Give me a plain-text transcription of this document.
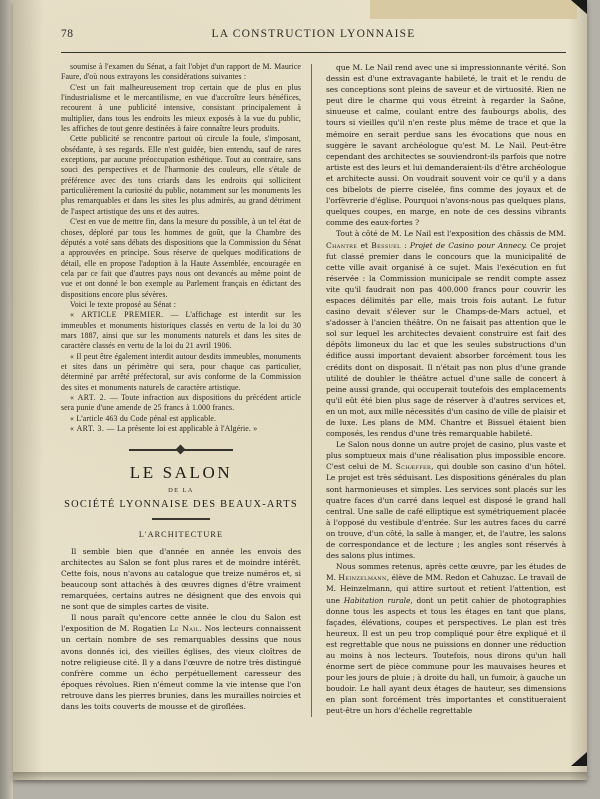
78	LA CONSTRUCTION LYONNAISE

soumise à l'examen du Sénat, a fait l'objet d'un rapport de M. Maurice Faure, d'où nous extrayons les considérations suivantes :

C'est un fait malheureusement trop certain que de plus en plus l'industrialisme et le mercantilisme, en vue d'accroître leurs bénéfices, recourent à une publicité intensive, consistant principalement à multiplier, dans tous les endroits les mieux exposés à la vue du public, les affiches de tout genre destinées à faire connaître leurs produits.

Cette publicité se rencontre partout où circule la foule, s'imposant, obsédante, à ses regards. Elle n'est guidée, bien entendu, sauf de rares exceptions, par aucune préoccupation esthétique. Tout au contraire, sans souci des perspectives et de l'harmonie des couleurs, elle s'étale de préférence avec des tons criards dans les endroits qui sollicitent particulièrement la curiosité du public, notamment sur les monuments les plus remarquables et dans les sites les plus admirés, au grand détriment de l'aspect artistique des uns et des autres.

C'est en vue de mettre fin, dans la mesure du possible, à un tel état de choses, déploré par tous les hommes de goût, que la Chambre des députés a voté sans débats des dispositions que la Commission du Sénat a approuvées en principe. Sous réserve de quelques modifications de détail, elle en propose l'adoption à la Haute Assemblée, encouragée en cela par ce fait que d'autres pays nous ont devancés au même point de vue et ont donné le bon exemple au Parlement français en édictant des dispositions encore plus sévères.

Voici le texte proposé au Sénat :

« ARTICLE PREMIER. — L'affichage est interdit sur les immeubles et monuments historiques classés en vertu de la loi du 30 mars 1887, ainsi que sur les monuments naturels et dans les sites de caractère classés en vertu de la loi du 21 avril 1906.

« Il peut être également interdit autour desdits immeubles, monuments et sites dans un périmètre qui sera, pour chaque cas particulier, déterminé par arrêté préfectoral, sur avis conforme de la Commission des sites et monuments naturels de caractère artistique.

« ART. 2. — Toute infraction aux dispositions du précédent article sera punie d'une amende de 25 francs à 1.000 francs.

« L'article 463 du Code pénal est applicable.

« ART. 3. — La présente loi est applicable à l'Algérie. »

LE SALON
DE LA
SOCIÉTÉ LYONNAISE DES BEAUX-ARTS
L'ARCHITECTURE

Il semble bien que d'année en année les envois des architectes au Salon se font plus rares et de moindre intérêt. Cette fois, nous n'avons au catalogue que treize numéros et, si beaucoup sont attachés à des œuvres dignes d'être vraiment remarquées, certains autres ne désignent que des envois qui ne sont que de simples cartes de visite.

Il nous paraît qu'encore cette année le clou du Salon est l'exposition de M. Rogatien Le Nail. Nos lecteurs connaissent un certain nombre de ses remarquables dessins que nous avons donnés ici, des vieilles églises, des vieux cloîtres de notre religieuse cité. Il y a dans l'œuvre de notre très distingué confrère comme un écho perpétuellement caresseur des époques révolues. Rien n'émeut comme la vie intense que l'on retrouve dans les pierres brunies, dans les murailles noircies et dans les toits couverts de mousse et de giroflées.

que M. Le Nail rend avec une si impressionnante vérité. Son dessin est d'une extravagante habileté, le trait et le rendu de ses conceptions sont pleins de saveur et de virtuosité. Rien ne peut dire le charme qui vous étreint à regarder la Saône, sinueuse et calme, coulant entre des faubourgs abolis, des tours si vieilles qu'il n'en reste plus même de trace et que la mémoire en serait perdue sans les évocations que nous en suggère le savant archéologue qu'est M. Le Nail. Peut-être cependant des architectes se souviendront-ils parfois que notre artiste est des leurs et lui demanderaient-ils d'être archéologue et architecte aussi. On voudrait souvent voir ce qu'il y a dans ces bibelots de pierre ciselée, fins comme des joyaux et de l'orfèvrerie d'église. Pourquoi n'avons-nous pas quelques plans, quelques coupes, en marge, en note de ces dessins vibrants comme des eaux-fortes ?

Tout à côté de M. Le Nail est l'exposition des châssis de MM. Chantre et Bessuel : Projet de Casino pour Annecy. Ce projet fut classé premier dans le concours que la municipalité de cette ville avait organisé à ce sujet. Mais l'exécution en fut réservée : la Commission municipale se rendit compte assez vite qu'il faudrait non pas 400.000 francs pour couvrir les espaces délimités par elle, mais trois fois autant. Le futur casino devait s'élever sur le Champs-de-Mars actuel, et s'adosser à l'ancien théâtre. On ne faisait pas attention que le sol sur lequel les architectes devaient construire est fait des dépôts limoneux du lac et que les seules substructions d'un édifice aussi important devaient absorber forcément tous les crédits dont on disposait. Il n'était pas non plus d'une grande utilité de doubler le théâtre actuel d'une salle de concert à peine aussi grande, qui occuperait toutefois des emplacements qu'il eût été bien plus sage de réserver à d'autres services et, en un mot, aux mille nécessités d'un casino de ville de plaisir et de luxe. Les plans de MM. Chantre et Bissuel étaient bien composés, les rendus d'une très remarquable habileté.

Le Salon nous donne un autre projet de casino, plus vaste et plus somptueux mais d'une réalisation plus impossible encore. C'est celui de M. Schæffer, qui double son casino d'un hôtel. Le projet est très séduisant. Les dispositions générales du plan sont harmonieuses et simples. Les services sont placés sur les quatre faces d'un carré dans lequel est disposé le grand hall central. Une salle de café elliptique est symétriquement placée à l'opposé du vestibule d'entrée. Sur les autres faces du carré on trouve, d'un côté, la salle à manger, et, de l'autre, les salons de correspondance et de lecture ; les angles sont réservés à des salons plus intimes.

Nous sommes retenus, après cette œuvre, par les études de M. Heinzelmann, élève de MM. Redon et Cahuzac. Le travail de M. Heinzelmann, qui attire surtout et retient l'attention, est une Habitation rurale, dont un petit cahier de photographies donne tous les aspects et tous les étages en tant que plans, façades, élévations, coupes et perspectives. Le plan est très heureux. Il est un peu trop compliqué pour être expliqué et il est regrettable que nous ne puissions en donner une réduction au moins à nos lecteurs. Toutefois, nous dirons qu'un hall énorme sert de pièce commune pour les mauvaises heures et pour les jours de pluie ; à droite du hall, un fumoir, à gauche un boudoir. Le hall ayant deux étages de hauteur, ses dimensions en plan sont forcément très importantes et constitueraient peut-être un hors d'échelle regrettable
